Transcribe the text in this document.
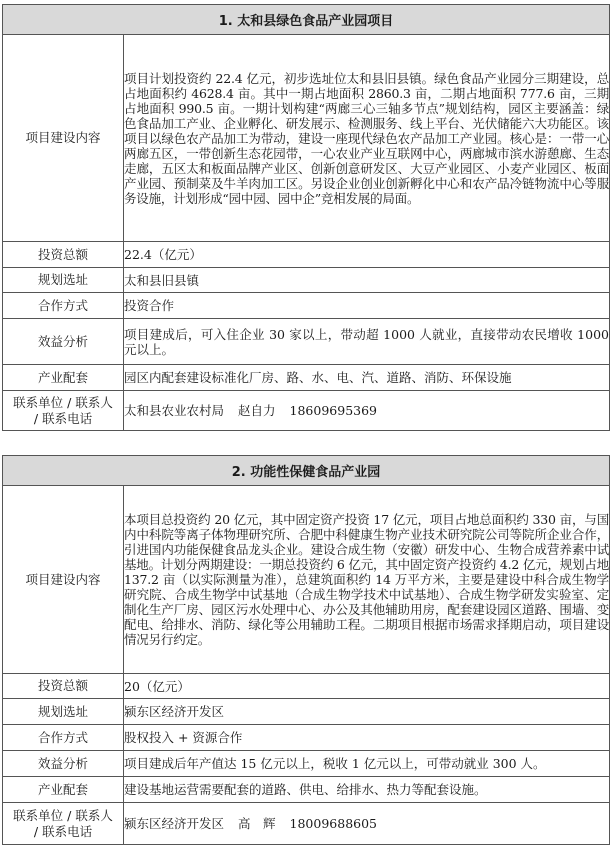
1. 太和县绿色食品产业园项目	
项目建设内容	项目计划投资约 22.4 亿元，初步选址位太和县旧县镇。绿色食品产业园分三期建设，总占地面积约 4628.4 亩。其中一期占地面积 2860.3 亩，二期占地面积 777.6 亩，三期占地面积 990.5 亩。一期计划构建“两廊三心三轴多节点”规划结构，园区主要涵盖：绿色食品加工产业、企业孵化、研发展示、检测服务、线上平台、光伏储能六大功能区。该项目以绿色农产品加工为带动，建设一座现代绿色农产品加工产业园。核心是：一带一心两廊五区，一带创新生态花园带，一心农业产业互联网中心，两廊城市滨水游憩廊、生态走廊，五区太和板面品牌产业区、创新创意研发区、大豆产业园区、小麦产业园区、板面产业园、预制菜及牛羊肉加工区。另设企业创业创新孵化中心和农产品冷链物流中心等服务设施，计划形成“园中园、园中企”竞相发展的局面。
投资总额	22.4（亿元）
规划选址	太和县旧县镇
合作方式	投资合作
效益分析	项目建成后，可入住企业 30 家以上，带动超 1000 人就业，直接带动农民增收 1000 元以上。
产业配套	园区内配套建设标准化厂房、路、水、电、汽、道路、消防、环保设施

联系单位 / 联系人
/ 联系电话	太和县农业农村局 赵自力 18609695369
2. 功能性保健食品产业园	
项目建设内容	本项目总投资约 20 亿元，其中固定资产投资 17 亿元，项目占地总面积约 330 亩，与国内中科院等离子体物理研究所、合肥中科健康生物产业技术研究院公司等院所企业合作，引进国内功能保健食品龙头企业。建设合成生物（安徽）研发中心、生物合成营养素中试基地。计划分两期建设：一期总投资约 6 亿元，其中固定资产投资约 4.2 亿元，规划占地 137.2 亩（以实际测量为准），总建筑面积约 14 万平方米，主要是建设中科合成生物学研究院、合成生物学中试基地（合成生物学技术中试基地）、合成生物学研发实验室、定制化生产厂房、园区污水处理中心、办公及其他辅助用房，配套建设园区道路、围墙、变配电、给排水、消防、绿化等公用辅助工程。二期项目根据市场需求择期启动，项目建设情况另行约定。
投资总额	20（亿元）
规划选址	颍东区经济开发区
合作方式	股权投入 + 资源合作
效益分析	项目建成后年产值达 15 亿元以上，税收 1 亿元以上，可带动就业 300 人。
产业配套	建设基地运营需要配套的道路、供电、给排水、热力等配套设施。

联系单位 / 联系人
/ 联系电话	颍东区经济开发区 高　辉 18009688605
